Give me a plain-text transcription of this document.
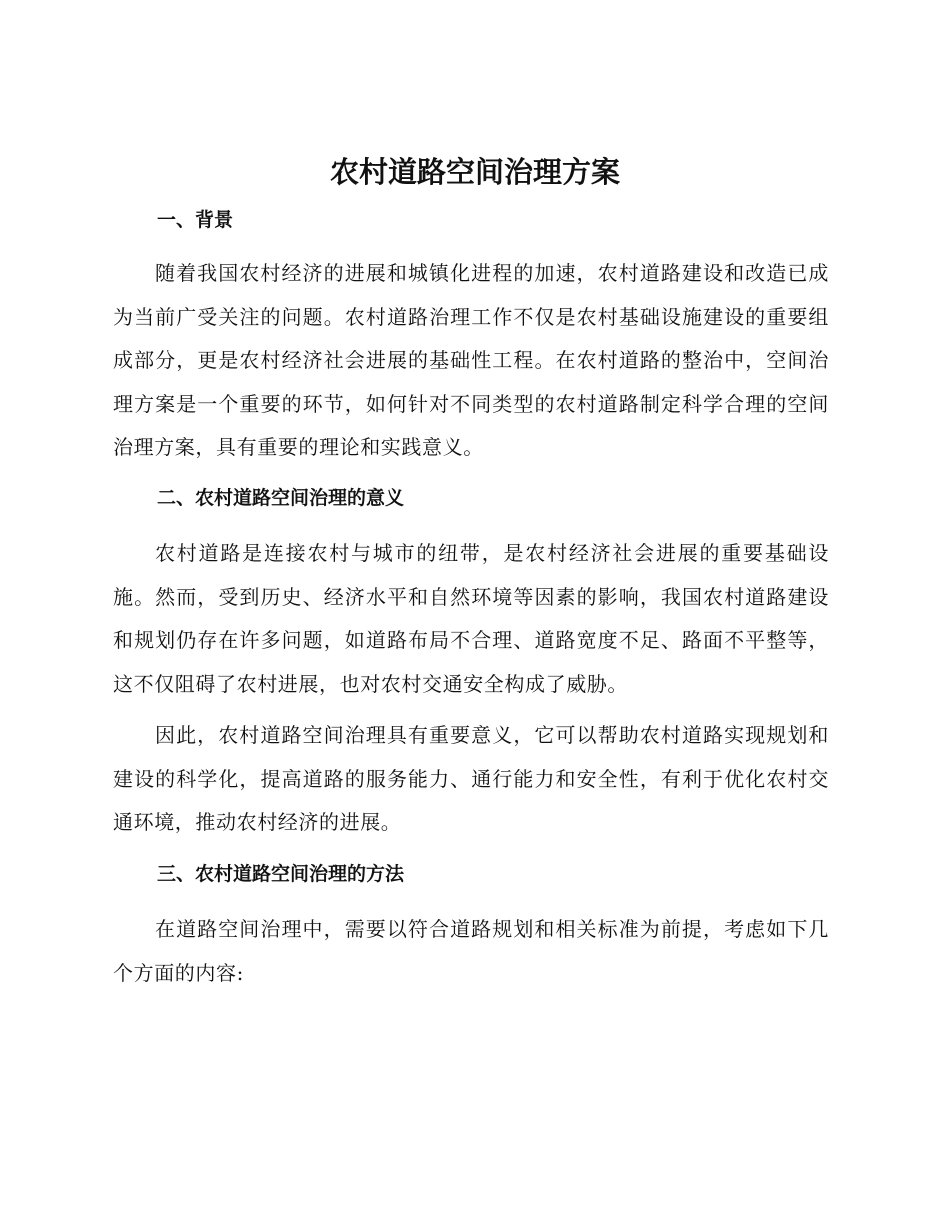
农村道路空间治理方案
一、背景

随着我国农村经济的进展和城镇化进程的加速，农村道路建设和改造已成为当前广受关注的问题。农村道路治理工作不仅是农村基础设施建设的重要组成部分，更是农村经济社会进展的基础性工程。在农村道路的整治中，空间治理方案是一个重要的环节，如何针对不同类型的农村道路制定科学合理的空间治理方案，具有重要的理论和实践意义。

二、农村道路空间治理的意义

农村道路是连接农村与城市的纽带，是农村经济社会进展的重要基础设施。然而，受到历史、经济水平和自然环境等因素的影响，我国农村道路建设和规划仍存在许多问题，如道路布局不合理、道路宽度不足、路面不平整等，这不仅阻碍了农村进展，也对农村交通安全构成了威胁。

因此，农村道路空间治理具有重要意义，它可以帮助农村道路实现规划和建设的科学化，提高道路的服务能力、通行能力和安全性，有利于优化农村交通环境，推动农村经济的进展。

三、农村道路空间治理的方法

在道路空间治理中，需要以符合道路规划和相关标准为前提，考虑如下几个方面的内容:
